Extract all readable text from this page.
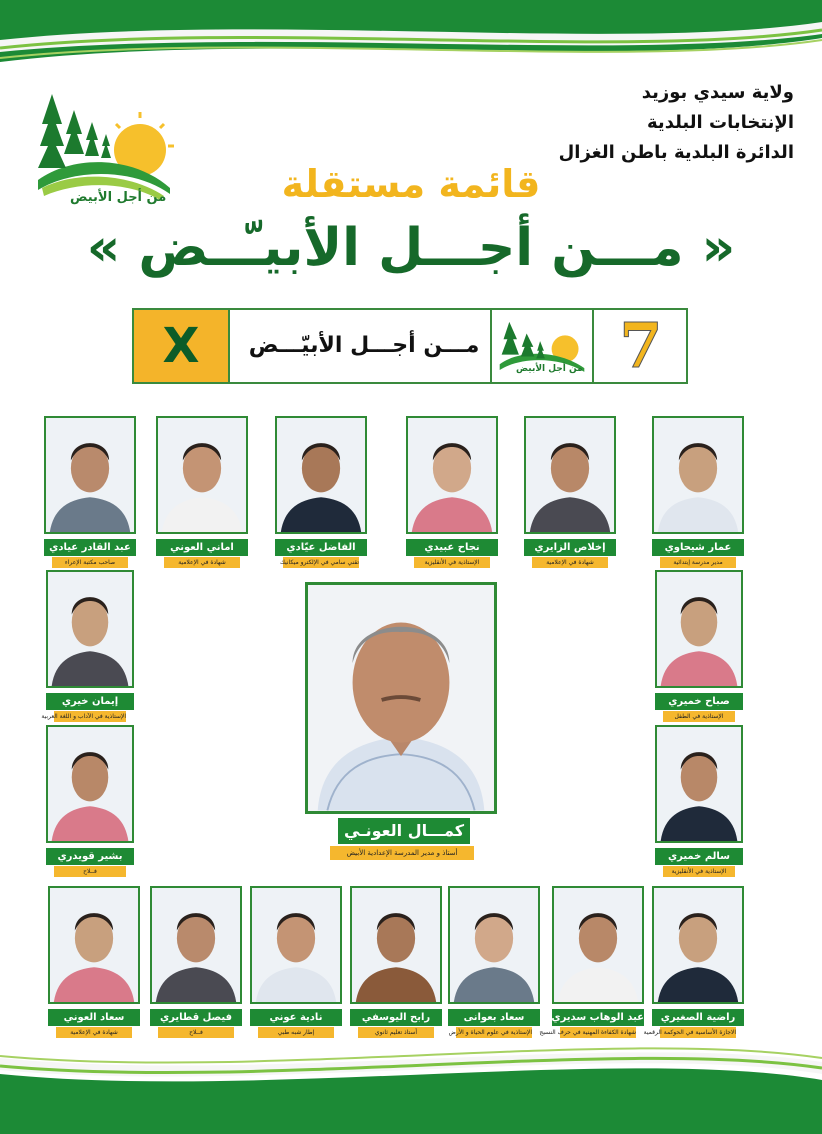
من أجل الأبيض
ولاية سيدي بوزيد
الإنتخابات البلدية
الدائرة البلدية باطن الغزال
قائمة مستقلة
« مـــن أجـــل الأبيـّــض »
X	مـــن أجـــل الأبيّـــض
من أجل الأبيض 7
عمار شيحاوي
مدير مدرسة إبتدائية
إخلاص الزايري
شهادة في الإعلامية
نجاح عبيدي
الإستاذية في الأنقليزية
الفاضل عيّادي
تقني سامي في الإلكترو ميكانيك
اماني العوني
شهادة في الإعلامية
عبد القادر عيادي
صاحب مكتبة الإعراء
صباح خميري
الإستاذية في الطفل
سالم خميري
الإستاذية في الأنقليزية
إيمان خيري
الإستاذية في الآداب و اللغة العربية
بشير قويدري
فــلاح
راضية الصغيري
الاجازة الأساسية في الحوكمة الرقمية
عبد الوهاب سديري
شهادة الكفاءة المهنية في حرف النسيج
سعاد بعوانى
الإستاذية في علوم الحياة و الأرض
رابح اليوسفي
أستاذ تعليم ثانوي
نادية عوني
إطار شبه طبي
فيصل قطايري
فــلاح
سعاد العوني
شهادة في الإعلامية
كمـــال العونـي
أستاذ و مدير المدرسة الإعدادية الأبيض
